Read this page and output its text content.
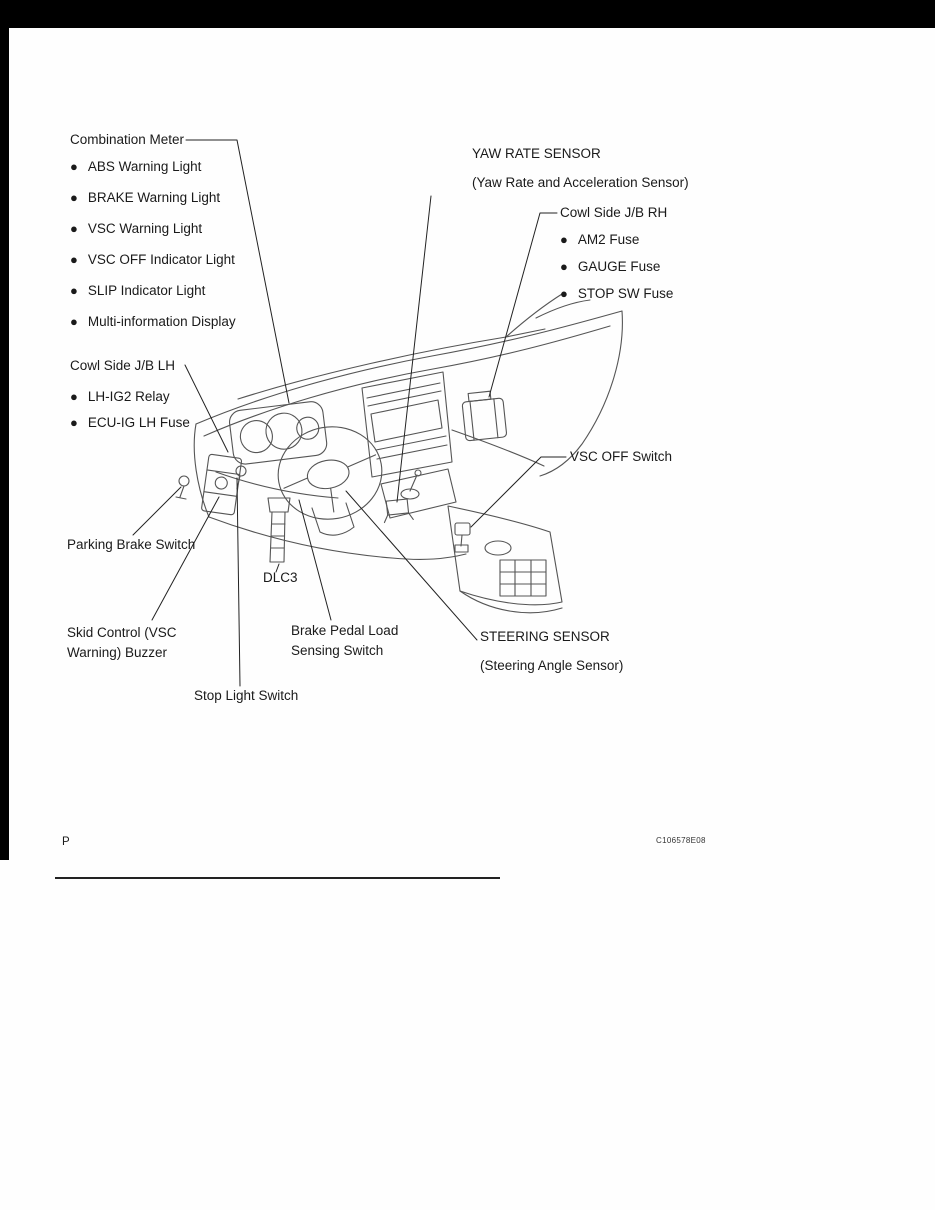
Combination Meter
● ABS Warning Light
● BRAKE Warning Light
● VSC Warning Light
● VSC OFF Indicator Light
● SLIP Indicator Light
● Multi-information Display
YAW RATE SENSOR
(Yaw Rate and Acceleration Sensor)
Cowl Side J/B RH
● AM2 Fuse
● GAUGE Fuse
● STOP SW Fuse
Cowl Side J/B LH
● LH-IG2 Relay
● ECU-IG LH Fuse
VSC OFF Switch
Parking Brake Switch
DLC3
Skid Control (VSC Warning) Buzzer
Brake Pedal Load Sensing Switch
STEERING SENSOR
(Steering Angle Sensor)
Stop Light Switch
P	C106578E08
